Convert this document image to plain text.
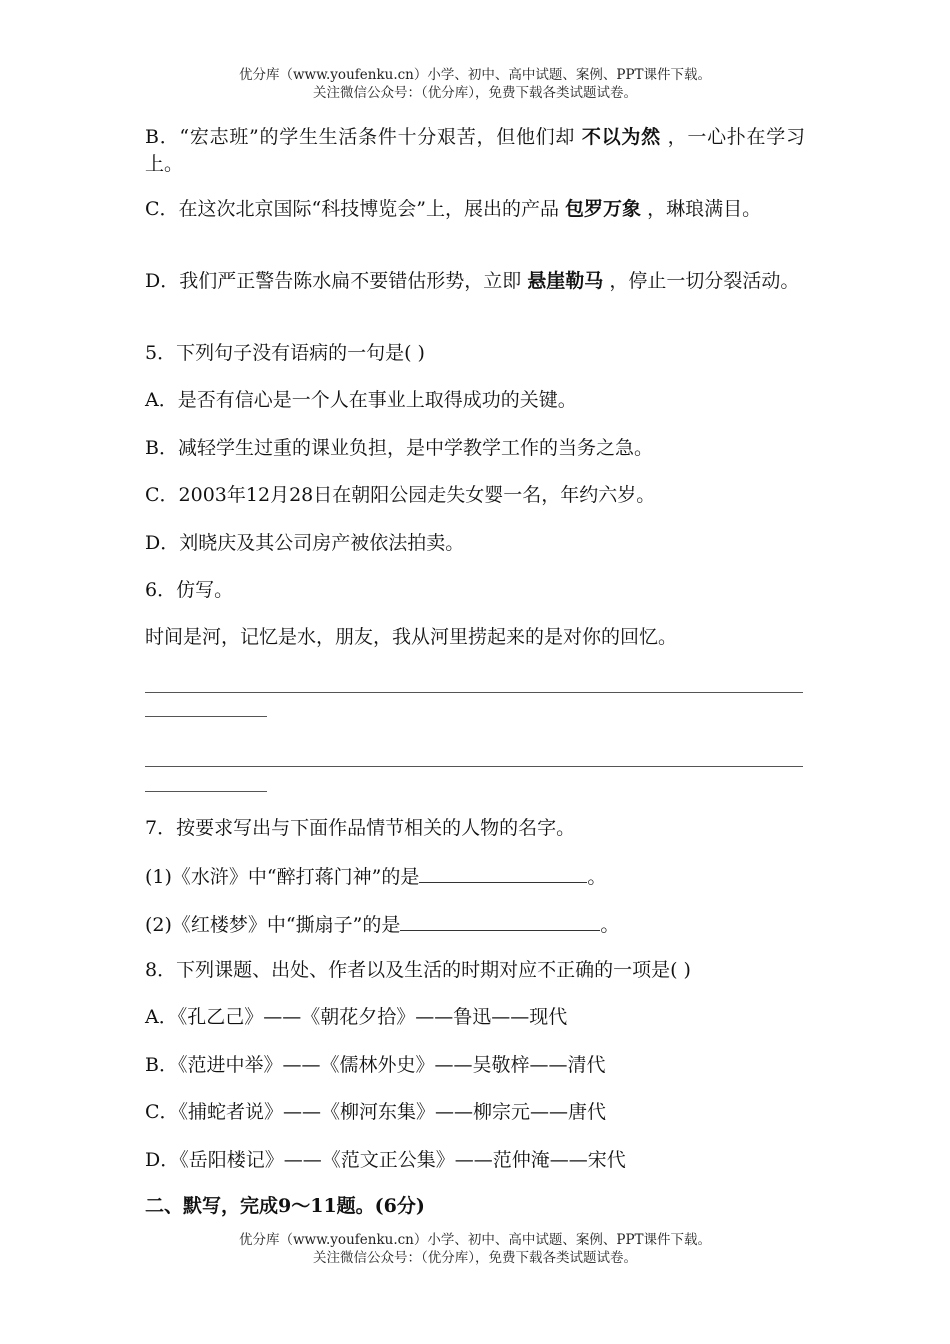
优分库（www.youfenku.cn）小学、初中、高中试题、案例、PPT课件下载。
关注微信公众号：（优分库），免费下载各类试题试卷。
B．“宏志班”的学生生活条件十分艰苦，但他们却 不以为然 ，一心扑在学习上。
C．在这次北京国际“科技博览会”上，展出的产品 包罗万象 ，琳琅满目。
D．我们严正警告陈水扁不要错估形势，立即 悬崖勒马 ，停止一切分裂活动。
5．下列句子没有语病的一句是( )
A．是否有信心是一个人在事业上取得成功的关键。
B．减轻学生过重的课业负担，是中学教学工作的当务之急。
C．2003年12月28日在朝阳公园走失女婴一名，年约六岁。
D．刘晓庆及其公司房产被依法拍卖。
6．仿写。
时间是河，记忆是水，朋友，我从河里捞起来的是对你的回忆。
7．按要求写出与下面作品情节相关的人物的名字。
(1)《水浒》中“醉打蒋门神”的是	。
(2)《红楼梦》中“撕扇子”的是	。
8．下列课题、出处、作者以及生活的时期对应不正确的一项是( )
A．《孔乙己》——《朝花夕拾》——鲁迅——现代
B．《范进中举》——《儒林外史》——吴敬梓——清代
C．《捕蛇者说》——《柳河东集》——柳宗元——唐代
D．《岳阳楼记》——《范文正公集》——范仲淹——宋代
二、默写，完成9～11题。(6分)
优分库（www.youfenku.cn）小学、初中、高中试题、案例、PPT课件下载。
关注微信公众号：（优分库），免费下载各类试题试卷。
